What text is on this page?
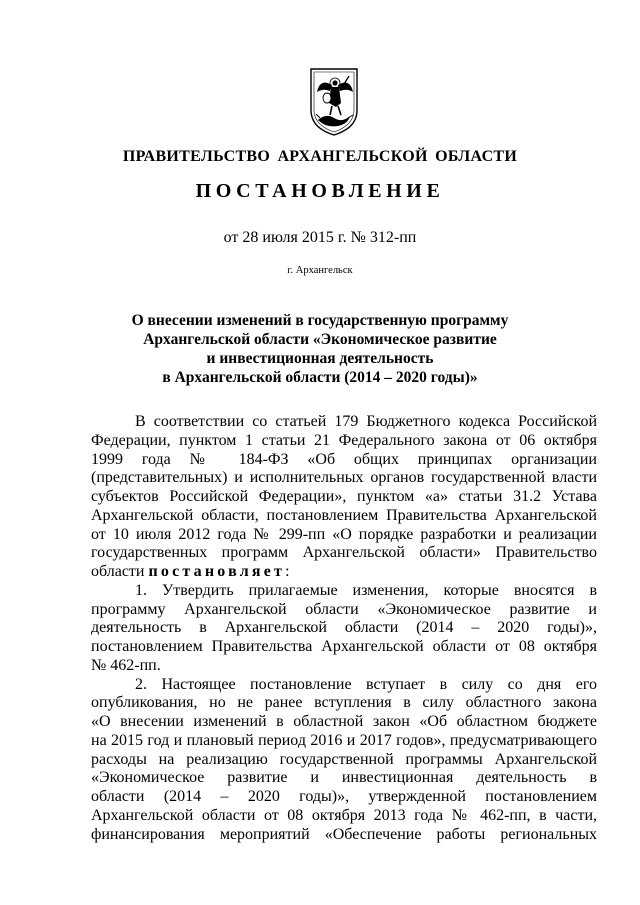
ПРАВИТЕЛЬСТВО АРХАНГЕЛЬСКОЙ ОБЛАСТИ
ПОСТАНОВЛЕНИЕ
от 28 июля 2015 г. № 312-пп
г. Архангельск
О внесении изменений в государственную программу
Архангельской области «Экономическое развитие
и инвестиционная деятельность
в Архангельской области (2014 – 2020 годы)»
В соответствии со статьей 179 Бюджетного кодекса Российской
Федерации, пунктом 1 статьи 21 Федерального закона от 06 октября
1999 года № 184-ФЗ «Об общих принципах организации
(представительных) и исполнительных органов государственной власти
субъектов Российской Федерации», пунктом «а» статьи 31.2 Устава
Архангельской области, постановлением Правительства Архангельской
от 10 июля 2012 года № 299-пп «О порядке разработки и реализации
государственных программ Архангельской области» Правительство
области постановляет:
1. Утвердить прилагаемые изменения, которые вносятся в
программу Архангельской области «Экономическое развитие и
деятельность в Архангельской области (2014 – 2020 годы)»,
постановлением Правительства Архангельской области от 08 октября
№ 462-пп.
2. Настоящее постановление вступает в силу со дня его
опубликования, но не ранее вступления в силу областного закона
«О внесении изменений в областной закон «Об областном бюджете
на 2015 год и плановый период 2016 и 2017 годов», предусматривающего
расходы на реализацию государственной программы Архангельской
«Экономическое развитие и инвестиционная деятельность в
области (2014 – 2020 годы)», утвержденной постановлением
Архангельской области от 08 октября 2013 года № 462-пп, в части,
финансирования мероприятий «Обеспечение работы региональных
